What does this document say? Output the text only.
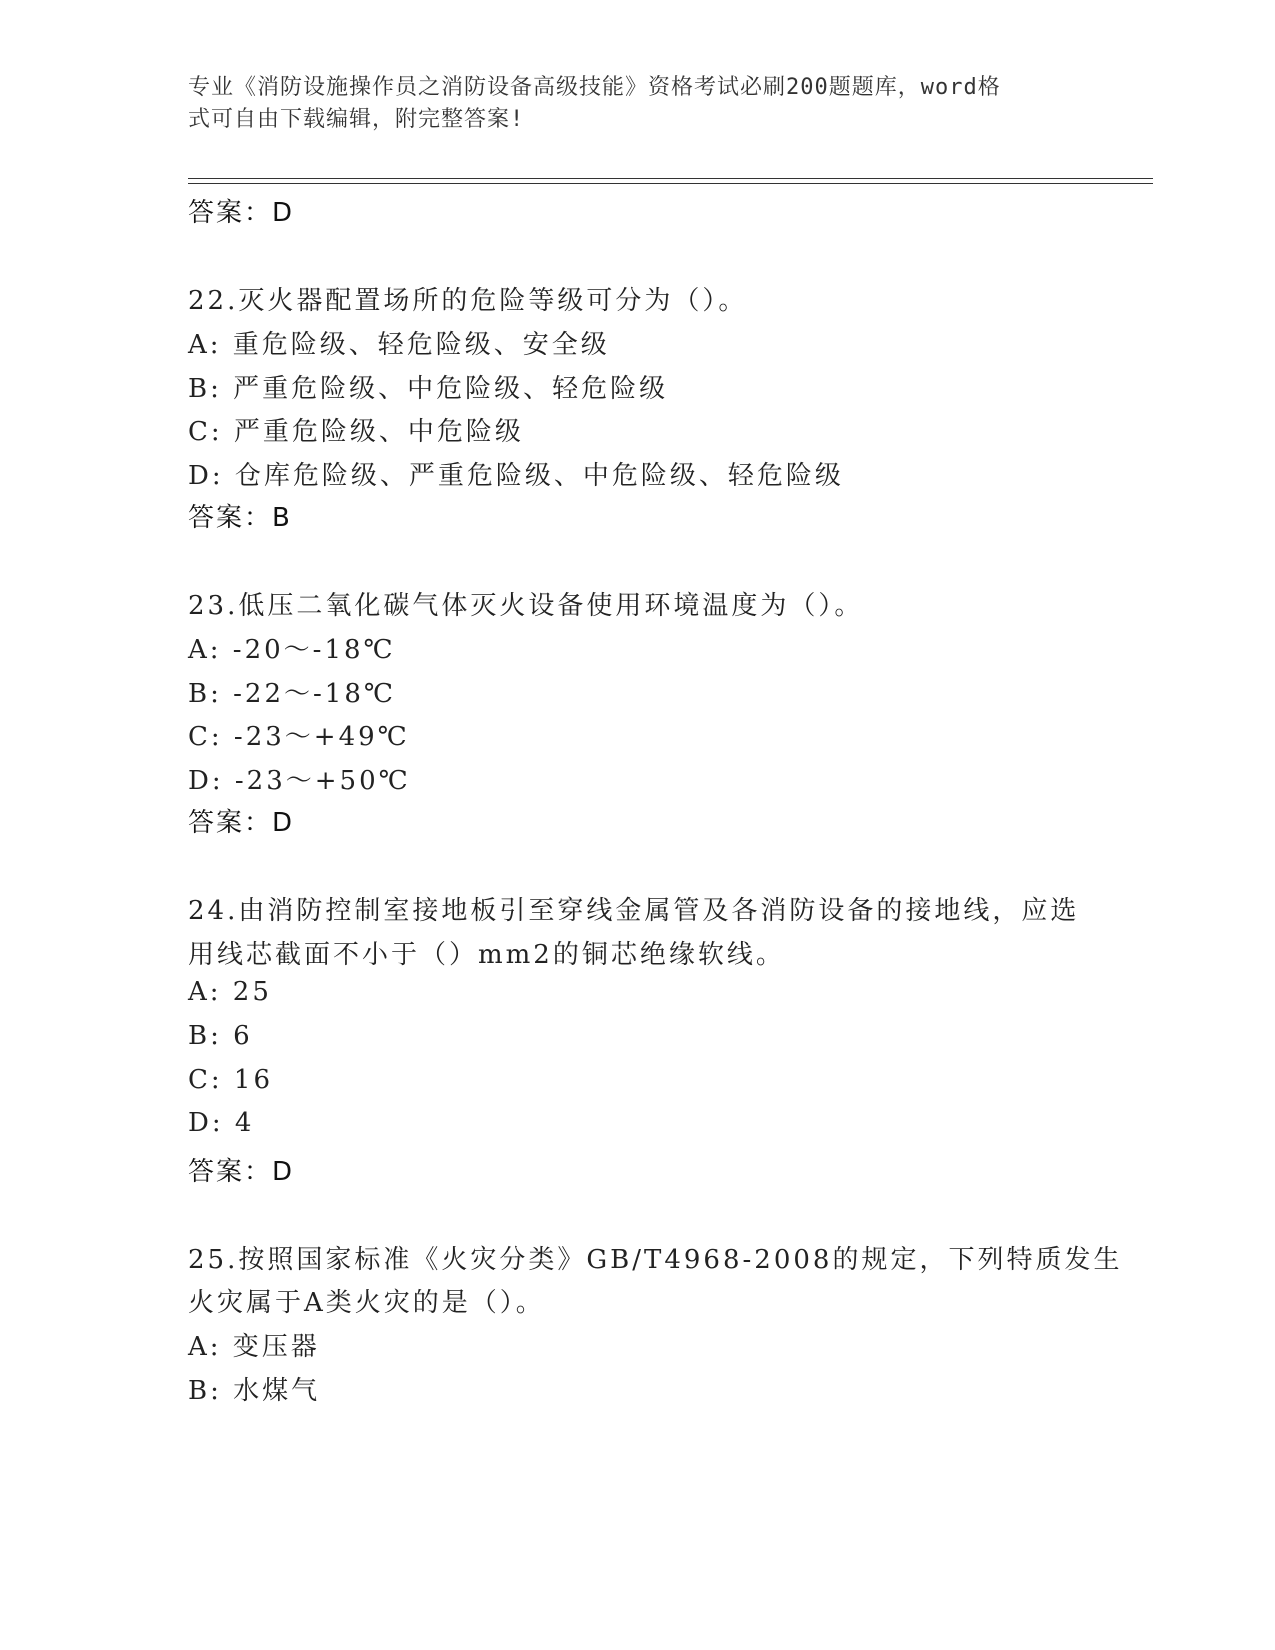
专业《消防设施操作员之消防设备高级技能》资格考试必刷200题题库，word格
式可自由下载编辑，附完整答案!
答案：D
22.灭火器配置场所的危险等级可分为（）。
A: 重危险级、轻危险级、安全级
B: 严重危险级、中危险级、轻危险级
C: 严重危险级、中危险级
D: 仓库危险级、严重危险级、中危险级、轻危险级
答案：B
23.低压二氧化碳气体灭火设备使用环境温度为（）。
A: -20～-18℃
B: -22～-18℃
C: -23～+49℃
D: -23～+50℃
答案：D
24.由消防控制室接地板引至穿线金属管及各消防设备的接地线，应选
用线芯截面不小于（）mm2的铜芯绝缘软线。
A: 25
B: 6
C: 16
D: 4
答案：D
25.按照国家标准《火灾分类》GB/T4968-2008的规定，下列特质发生
火灾属于A类火灾的是（）。
A: 变压器
B: 水煤气
